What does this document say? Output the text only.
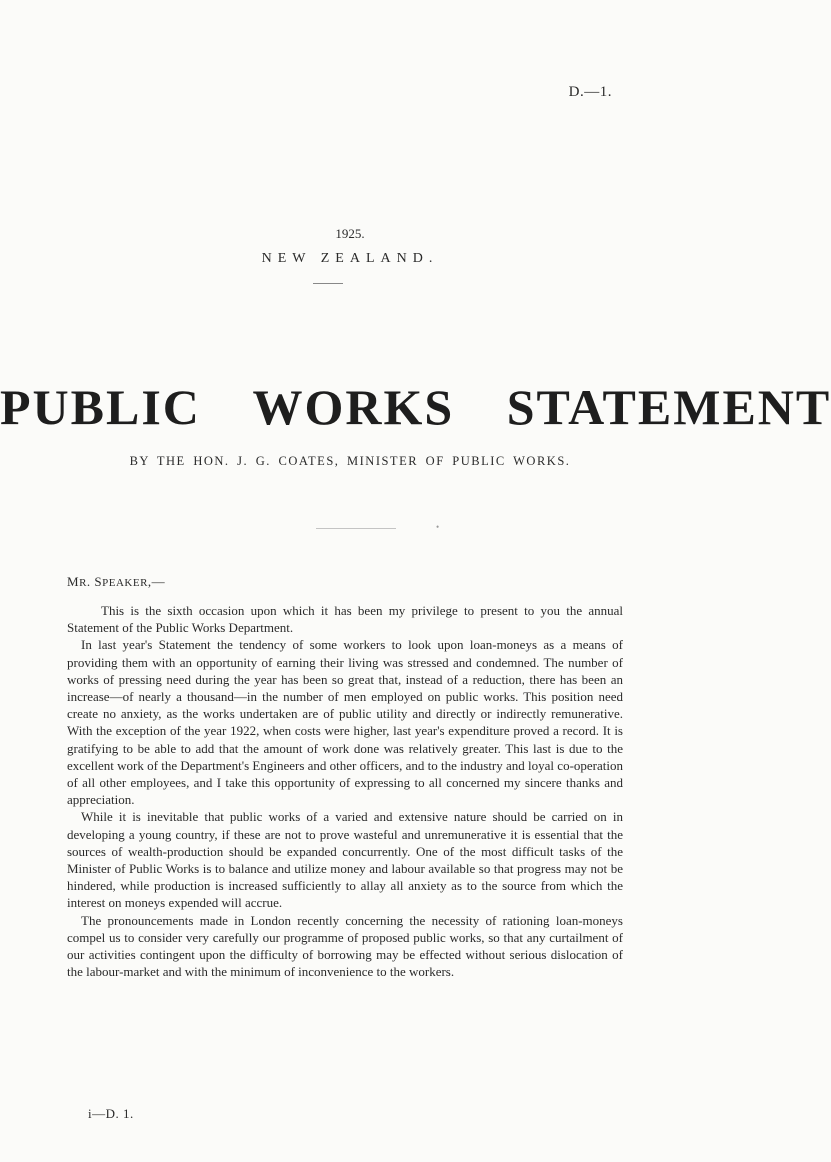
D.—1.
1925.
NEW ZEALAND.
PUBLIC WORKS STATEMENT
BY THE HON. J. G. COATES, MINISTER OF PUBLIC WORKS.
•
MR. SPEAKER,—

This is the sixth occasion upon which it has been my privilege to present to you the annual Statement of the Public Works Department.

In last year's Statement the tendency of some workers to look upon loan-moneys as a means of providing them with an opportunity of earning their living was stressed and condemned. The number of works of pressing need during the year has been so great that, instead of a reduction, there has been an increase—of nearly a thousand—in the number of men employed on public works. This position need create no anxiety, as the works undertaken are of public utility and directly or indirectly remunerative. With the exception of the year 1922, when costs were higher, last year's expenditure proved a record. It is gratifying to be able to add that the amount of work done was relatively greater. This last is due to the excellent work of the Department's Engineers and other officers, and to the industry and loyal co-operation of all other employees, and I take this opportunity of expressing to all concerned my sincere thanks and appreciation.

While it is inevitable that public works of a varied and extensive nature should be carried on in developing a young country, if these are not to prove wasteful and unremunerative it is essential that the sources of wealth-production should be expanded concurrently. One of the most difficult tasks of the Minister of Public Works is to balance and utilize money and labour available so that progress may not be hindered, while production is increased sufficiently to allay all anxiety as to the source from which the interest on moneys expended will accrue.

The pronouncements made in London recently concerning the necessity of rationing loan-moneys compel us to consider very carefully our programme of proposed public works, so that any curtailment of our activities contingent upon the difficulty of borrowing may be effected without serious dislocation of the labour-market and with the minimum of inconvenience to the workers.

i—D. 1.
